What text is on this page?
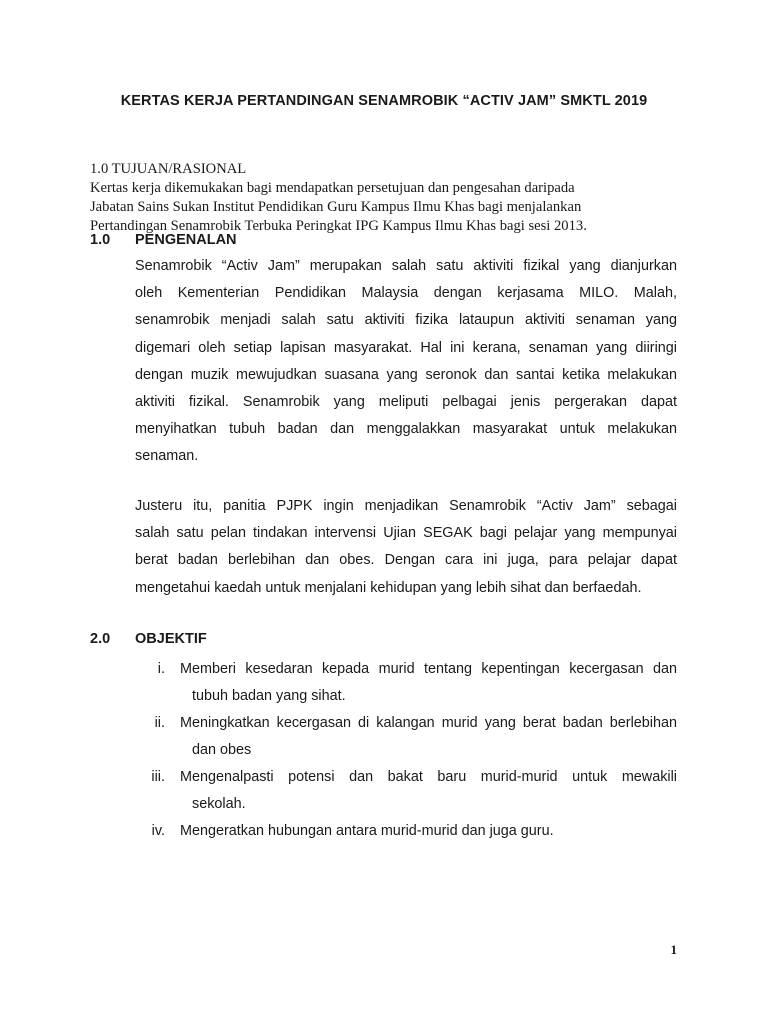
KERTAS KERJA PERTANDINGAN SENAMROBIK “ACTIV JAM” SMKTL 2019
1.0 TUJUAN/RASIONAL
Kertas kerja dikemukakan bagi mendapatkan persetujuan dan pengesahan daripada
Jabatan Sains Sukan Institut Pendidikan Guru Kampus Ilmu Khas bagi menjalankan
Pertandingan Senamrobik Terbuka Peringkat IPG Kampus Ilmu Khas bagi sesi 2013.
1.0 PENGENALAN
Senamrobik “Activ Jam” merupakan salah satu aktiviti fizikal yang dianjurkan
oleh Kementerian Pendidikan Malaysia dengan kerjasama MILO. Malah,
senamrobik menjadi salah satu aktiviti fizika lataupun aktiviti senaman yang
digemari oleh setiap lapisan masyarakat. Hal ini kerana, senaman yang diiringi
dengan muzik mewujudkan suasana yang seronok dan santai ketika melakukan
aktiviti fizikal. Senamrobik yang meliputi pelbagai jenis pergerakan dapat
menyihatkan tubuh badan dan menggalakkan masyarakat untuk melakukan
senaman.
Justeru itu, panitia PJPK ingin menjadikan Senamrobik “Activ Jam” sebagai
salah satu pelan tindakan intervensi Ujian SEGAK bagi pelajar yang mempunyai
berat badan berlebihan dan obes. Dengan cara ini juga, para pelajar dapat
mengetahui kaedah untuk menjalani kehidupan yang lebih sihat dan berfaedah.
2.0 OBJEKTIF
i. Memberi kesedaran kepada murid tentang kepentingan kecergasan dan
tubuh badan yang sihat.
ii. Meningkatkan kecergasan di kalangan murid yang berat badan berlebihan
dan obes
iii. Mengenalpasti potensi dan bakat baru murid-murid untuk mewakili
sekolah.
iv. Mengeratkan hubungan antara murid-murid dan juga guru.
1
